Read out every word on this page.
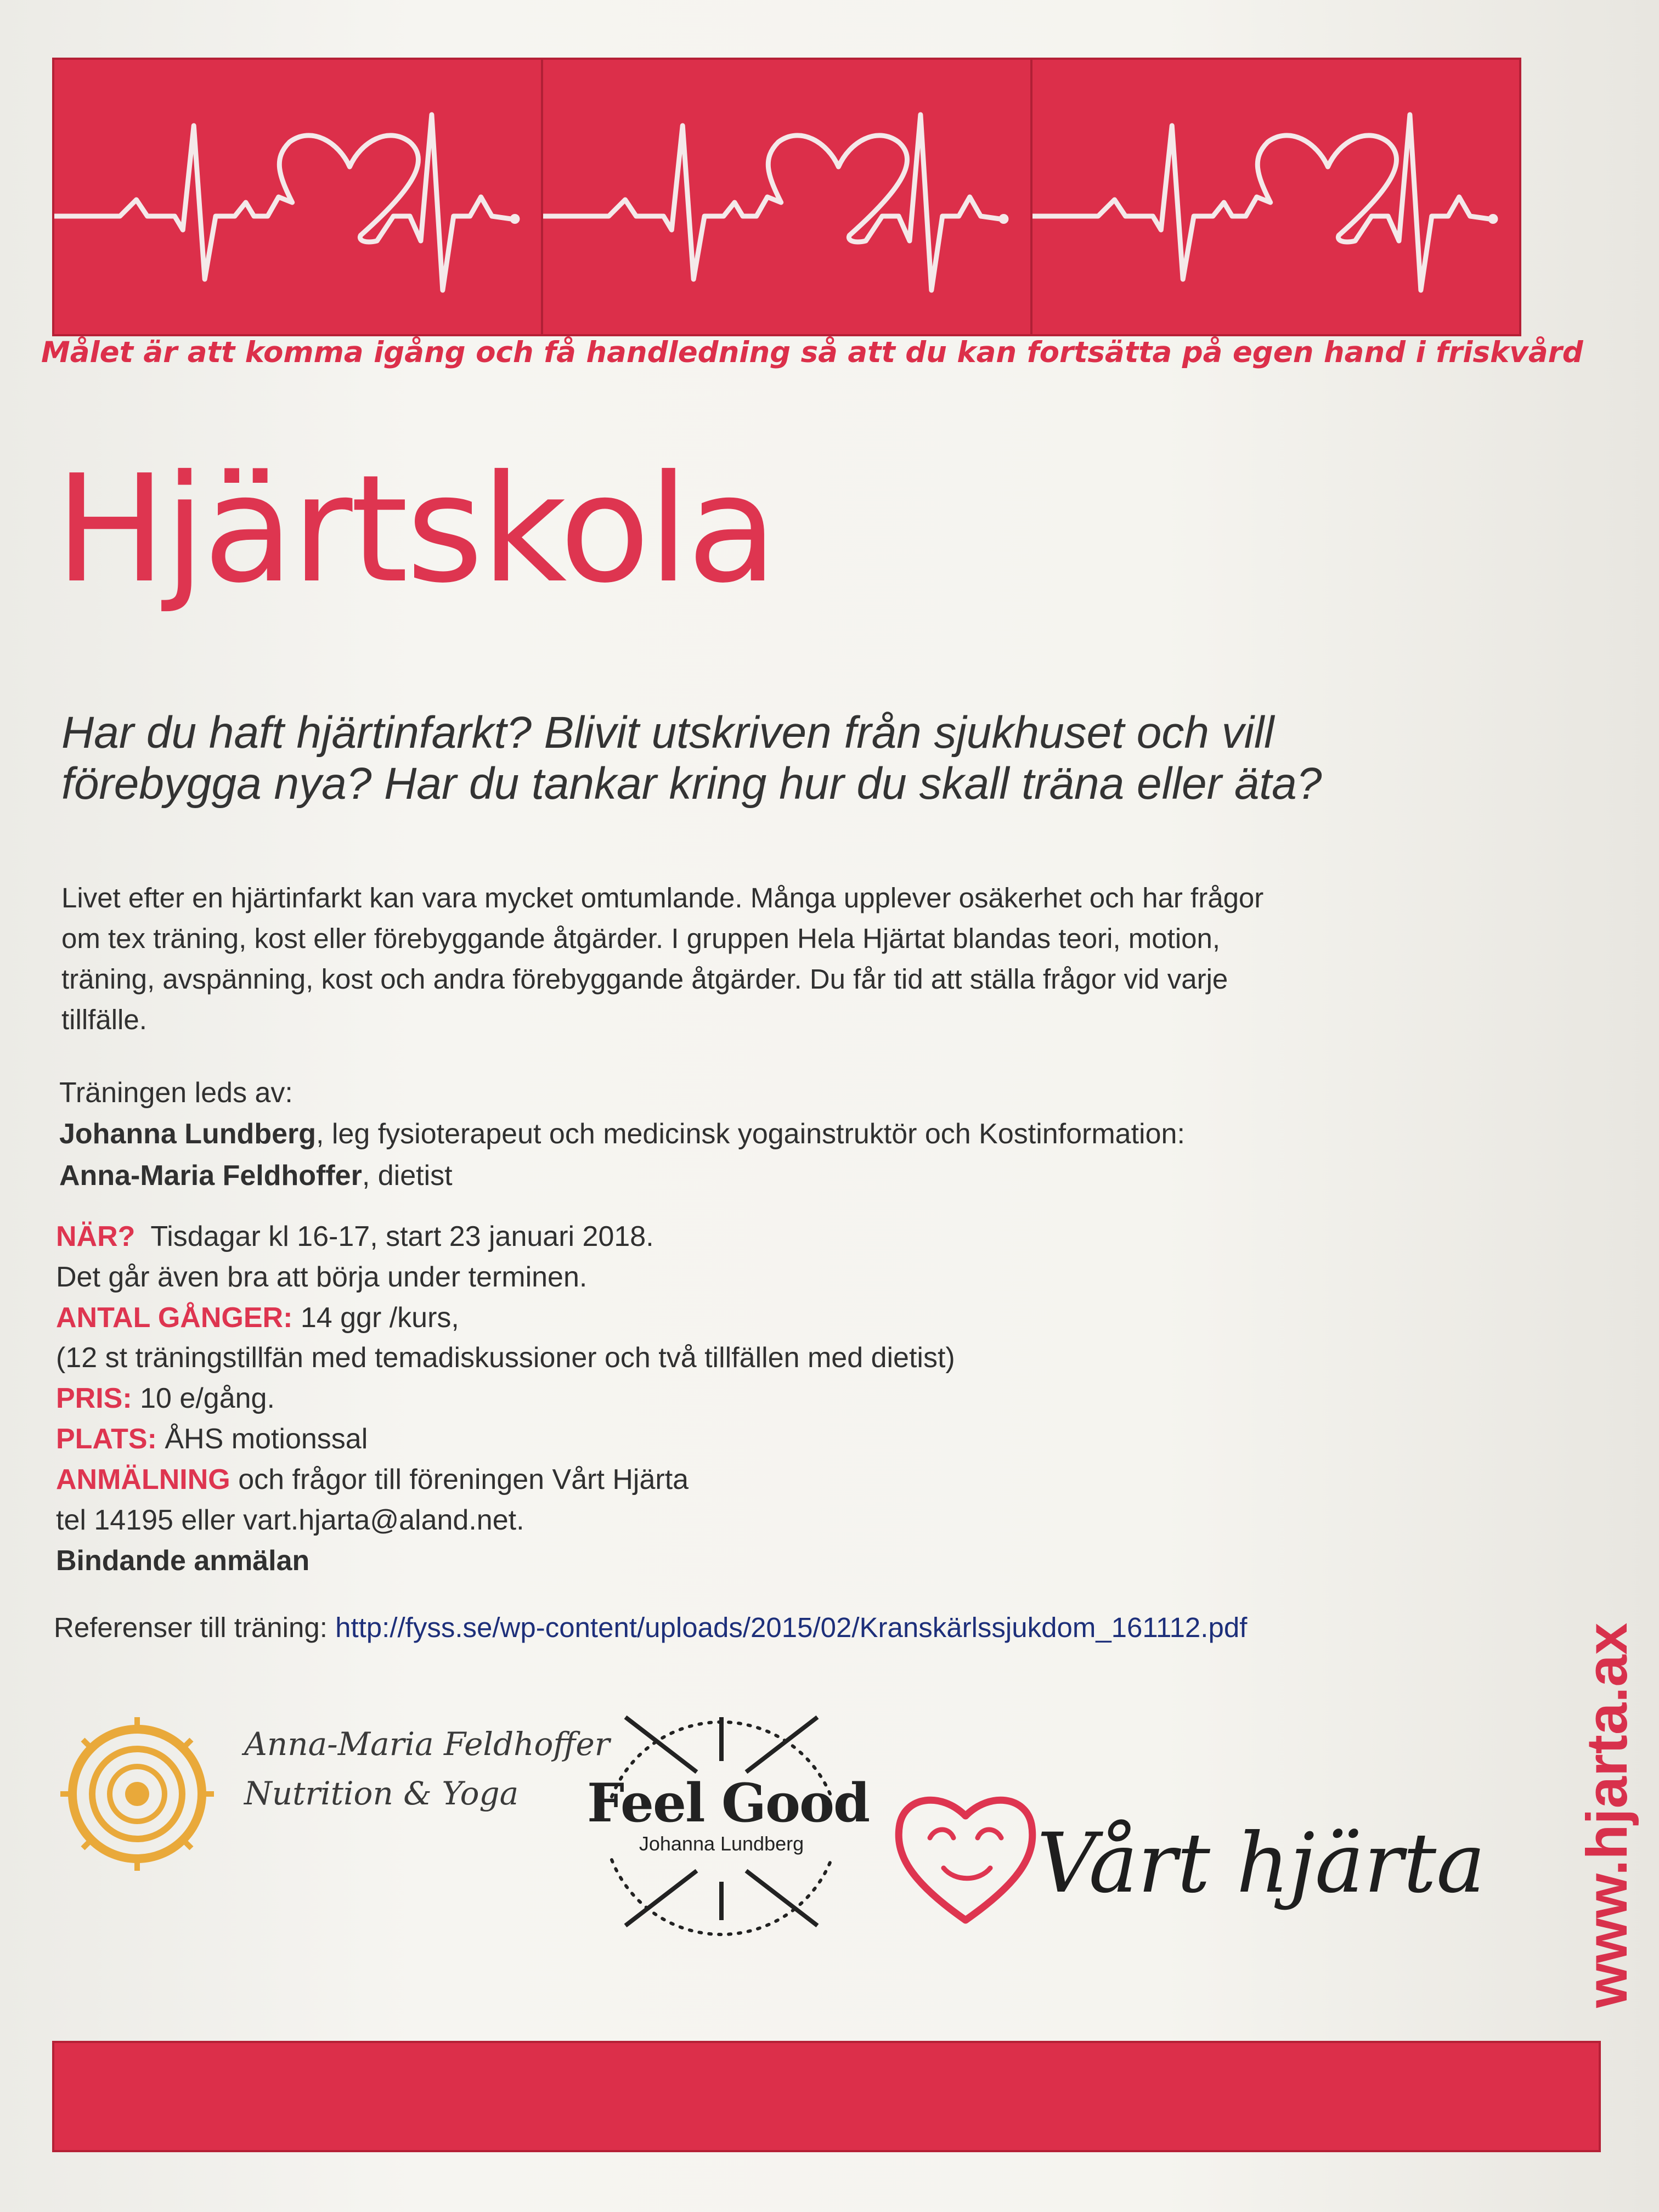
Målet är att komma igång och få handledning så att du kan fortsätta på egen hand i friskvård
Hjärtskola
Har du haft hjärtinfarkt? Blivit utskriven från sjukhuset och vill
förebygga nya? Har du tankar kring hur du skall träna eller äta?
Livet efter en hjärtinfarkt kan vara mycket omtumlande. Många upplever osäkerhet och har frågor
om tex träning, kost eller förebyggande åtgärder. I gruppen Hela Hjärtat blandas teori, motion,
träning, avspänning, kost och andra förebyggande åtgärder. Du får tid att ställa frågor vid varje
tillfälle.
Träningen leds av:
Johanna Lundberg, leg fysioterapeut och medicinsk yogainstruktör och Kostinformation:
Anna-Maria Feldhoffer, dietist
NÄR? Tisdagar kl 16-17, start 23 januari 2018.
Det går även bra att börja under terminen.
ANTAL GÅNGER: 14 ggr /kurs,
(12 st träningstillfän med temadiskussioner och två tillfällen med dietist)
PRIS: 10 e/gång.
PLATS: ÅHS motionssal
ANMÄLNING och frågor till föreningen Vårt Hjärta
tel 14195 eller vart.hjarta@aland.net.
Bindande anmälan
Referenser till träning: http://fyss.se/wp-content/uploads/2015/02/Kranskärlssjukdom_161112.pdf
Anna-Maria Feldhoffer
Nutrition & Yoga	Feel Good
Johanna Lundberg	Vårt hjärta www.hjarta.ax
